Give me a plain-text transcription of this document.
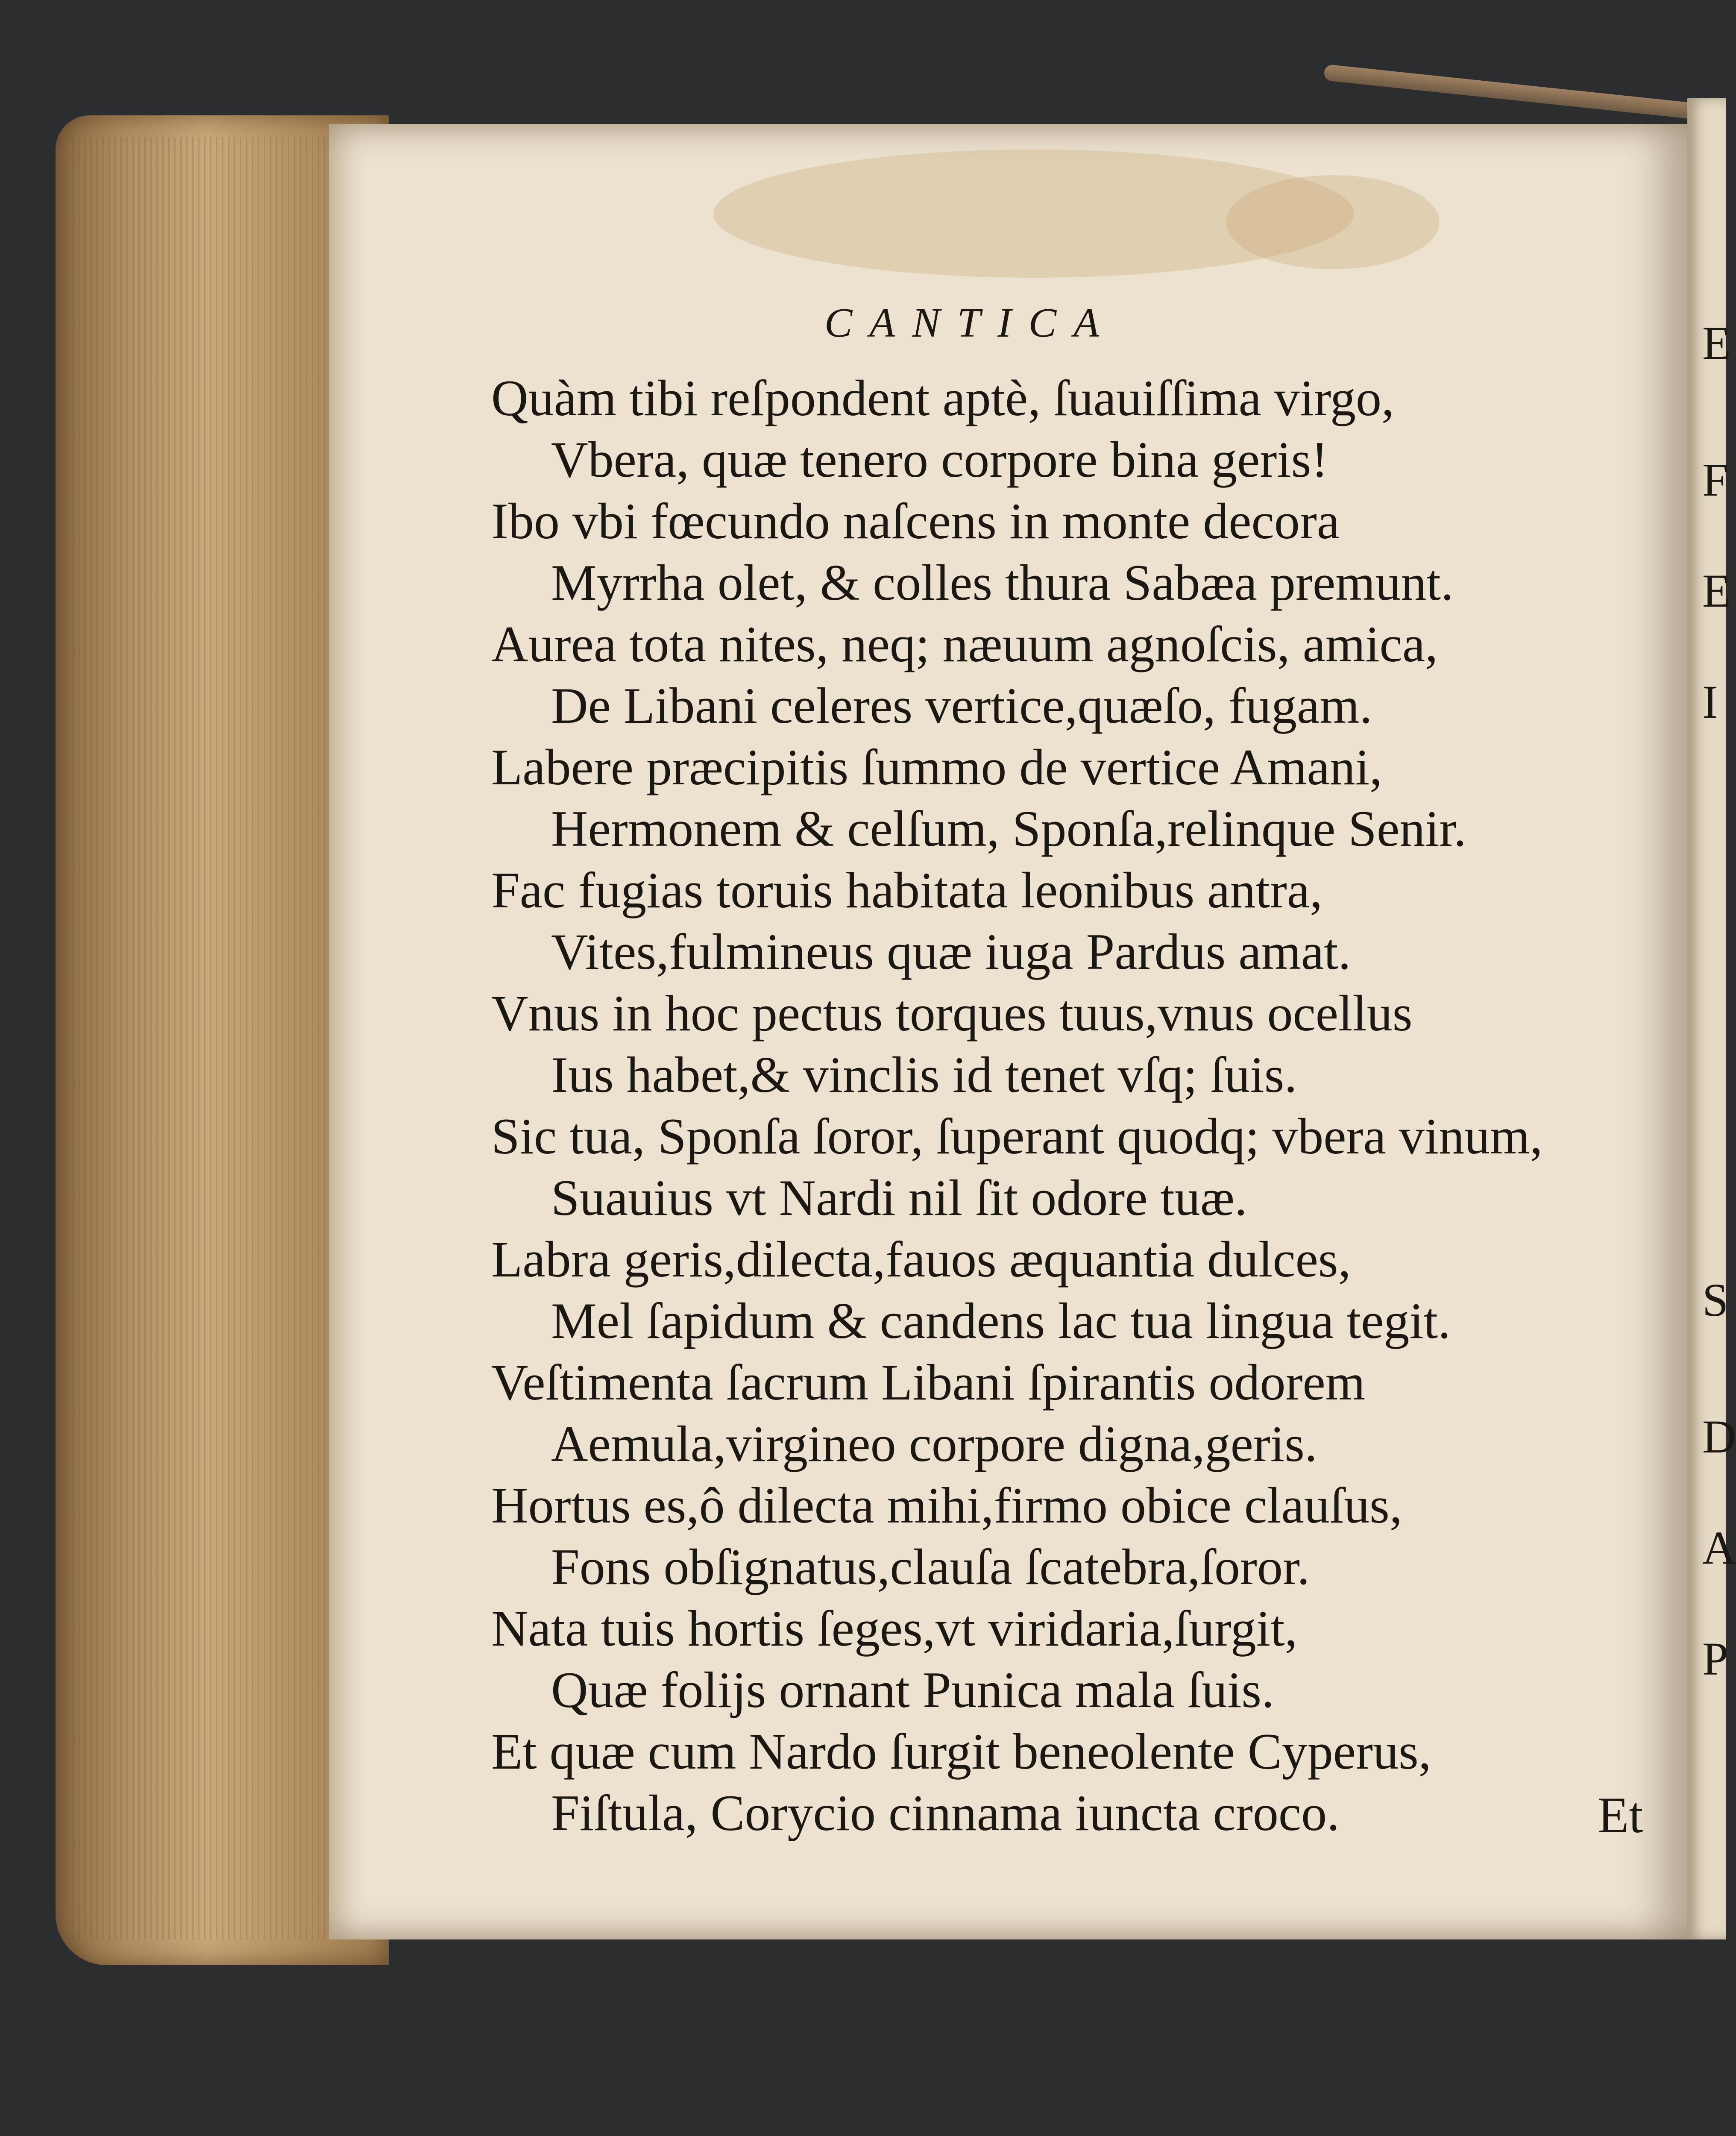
CANTICA
Quàm tibi reſpondent aptè, ſuauiſſima virgo,
Vbera, quæ tenero corpore bina geris!
Ibo vbi fœcundo naſcens in monte decora
Myrrha olet, & colles thura Sabæa premunt.
Aurea tota nites, neq; næuum agnoſcis, amica,
De Libani celeres vertice,quæſo, fugam.
Labere præcipitis ſummo de vertice Amani,
Hermonem & celſum, Sponſa,relinque Senir.
Fac fugias toruis habitata leonibus antra,
Vites,fulmineus quæ iuga Pardus amat.
Vnus in hoc pectus torques tuus,vnus ocellus
Ius habet,& vinclis id tenet vſq; ſuis.
Sic tua, Sponſa ſoror, ſuperant quodq; vbera vinum,
Suauius vt Nardi nil ſit odore tuæ.
Labra geris,dilecta,fauos æquantia dulces,
Mel ſapidum & candens lac tua lingua tegit.
Veſtimenta ſacrum Libani ſpirantis odorem
Aemula,virgineo corpore digna,geris.
Hortus es,ô dilecta mihi,firmo obice clauſus,
Fons obſignatus,clauſa ſcatebra,ſoror.
Nata tuis hortis ſeges,vt viridaria,ſurgit,
Quæ folijs ornant Punica mala ſuis.
Et quæ cum Nardo ſurgit beneolente Cyperus,
Fiſtula, Corycio cinnama iuncta croco.	Et
E
F
E
I
S
D
A
P
